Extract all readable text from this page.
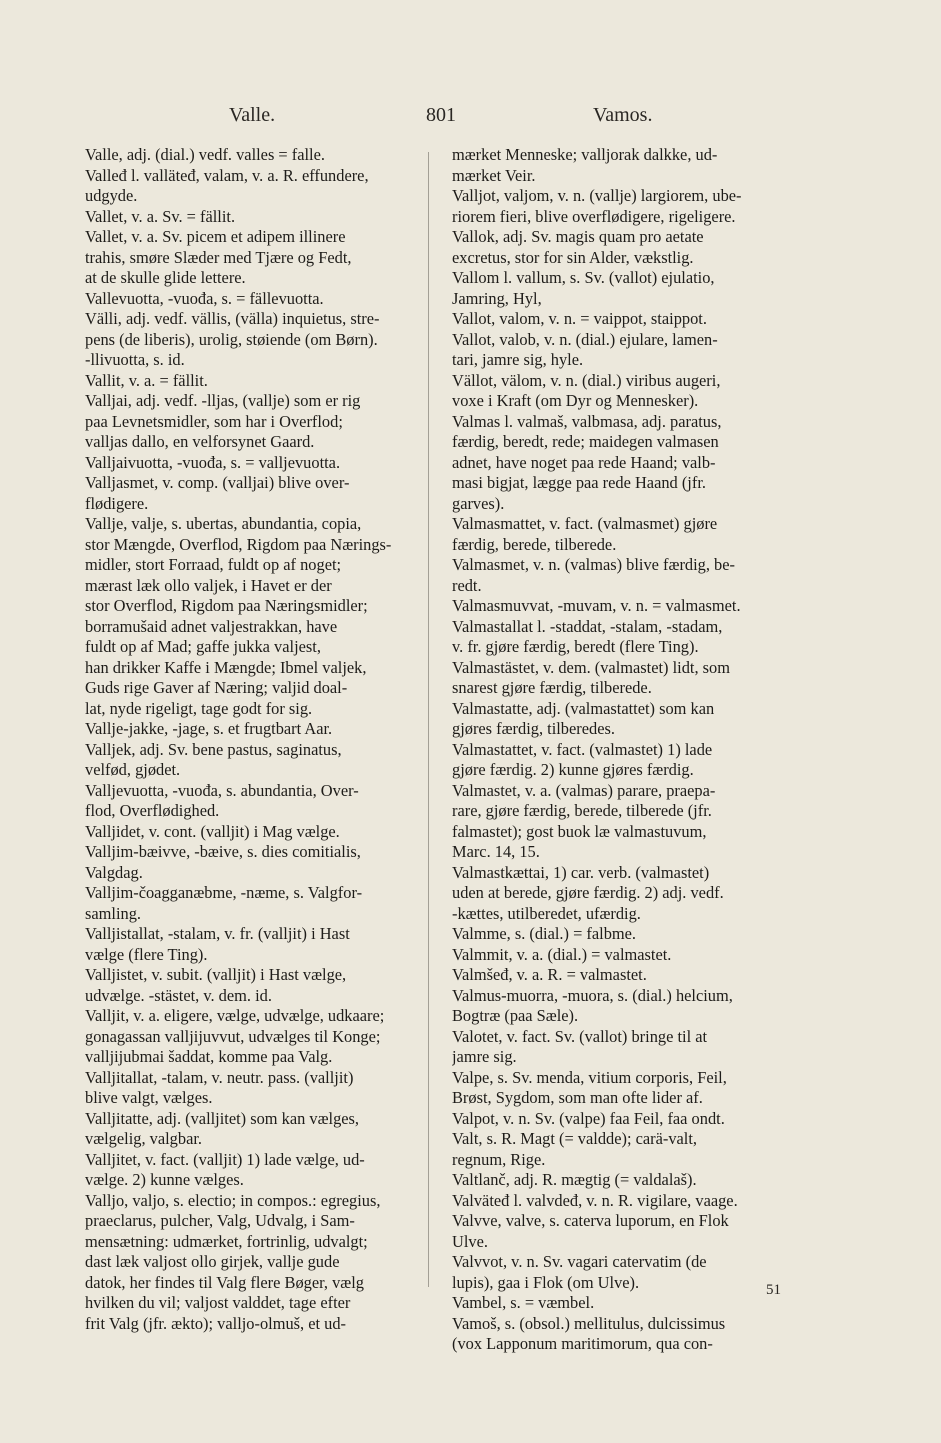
Valle.	801	Vamos.
Valle, adj. (dial.) vedf. valles = falle.
Valleđ l. valläteđ, valam, v. a. R. effundere,
udgyde.
Vallet, v. a. Sv. = fällit.
Vallet, v. a. Sv. picem et adipem illinere
trahis, smøre Slæder med Tjære og Fedt,
at de skulle glide lettere.
Vallevuotta, -vuođa, s. = fällevuotta.
Välli, adj. vedf. vällis, (välla) inquietus, stre-
pens (de liberis), urolig, støiende (om Børn).
-llivuotta, s. id.
Vallit, v. a. = fällit.
Valljai, adj. vedf. -lljas, (vallje) som er rig
paa Levnetsmidler, som har i Overflod;
valljas dallo, en velforsynet Gaard.
Valljaivuotta, -vuođa, s. = valljevuotta.
Valljasmet, v. comp. (valljai) blive over-
flødigere.
Vallje, valje, s. ubertas, abundantia, copia,
stor Mængde, Overflod, Rigdom paa Nærings-
midler, stort Forraad, fuldt op af noget;
mærast læk ollo valjek, i Havet er der
stor Overflod, Rigdom paa Næringsmidler;
borramušaid adnet valjestrakkan, have
fuldt op af Mad; gaffe jukka valjest,
han drikker Kaffe i Mængde; Ibmel valjek,
Guds rige Gaver af Næring; valjid doal-
lat, nyde rigeligt, tage godt for sig.
Vallje-jakke, -jage, s. et frugtbart Aar.
Valljek, adj. Sv. bene pastus, saginatus,
velfød, gjødet.
Valljevuotta, -vuođa, s. abundantia, Over-
flod, Overflødighed.
Valljidet, v. cont. (valljit) i Mag vælge.
Valljim-bæivve, -bæive, s. dies comitialis,
Valgdag.
Valljim-čoagganæbme, -næme, s. Valgfor-
samling.
Valljistallat, -stalam, v. fr. (valljit) i Hast
vælge (flere Ting).
Valljistet, v. subit. (valljit) i Hast vælge,
udvælge. -stästet, v. dem. id.
Valljit, v. a. eligere, vælge, udvælge, udkaare;
gonagassan valljijuvvut, udvælges til Konge;
valljijubmai šaddat, komme paa Valg.
Valljitallat, -talam, v. neutr. pass. (valljit)
blive valgt, vælges.
Valljitatte, adj. (valljitet) som kan vælges,
vælgelig, valgbar.
Valljitet, v. fact. (valljit) 1) lade vælge, ud-
vælge. 2) kunne vælges.
Valljo, valjo, s. electio; in compos.: egregius,
praeclarus, pulcher, Valg, Udvalg, i Sam-
mensætning: udmærket, fortrinlig, udvalgt;
dast læk valjost ollo girjek, vallje gude
datok, her findes til Valg flere Bøger, vælg
hvilken du vil; valjost valddet, tage efter
frit Valg (jfr. ækto); valljo-olmuš, et ud-
mærket Menneske; valljorak dalkke, ud-
mærket Veir.
Valljot, valjom, v. n. (vallje) largiorem, ube-
riorem fieri, blive overflødigere, rigeligere.
Vallok, adj. Sv. magis quam pro aetate
excretus, stor for sin Alder, vækstlig.
Vallom l. vallum, s. Sv. (vallot) ejulatio,
Jamring, Hyl,
Vallot, valom, v. n. = vaippot, staippot.
Vallot, valob, v. n. (dial.) ejulare, lamen-
tari, jamre sig, hyle.
Vällot, välom, v. n. (dial.) viribus augeri,
voxe i Kraft (om Dyr og Mennesker).
Valmas l. valmaš, valbmasa, adj. paratus,
færdig, beredt, rede; maidegen valmasen
adnet, have noget paa rede Haand; valb-
masi bigjat, lægge paa rede Haand (jfr.
garves).
Valmasmattet, v. fact. (valmasmet) gjøre
færdig, berede, tilberede.
Valmasmet, v. n. (valmas) blive færdig, be-
redt.
Valmasmuvvat, -muvam, v. n. = valmasmet.
Valmastallat l. -staddat, -stalam, -stadam,
v. fr. gjøre færdig, beredt (flere Ting).
Valmastästet, v. dem. (valmastet) lidt, som
snarest gjøre færdig, tilberede.
Valmastatte, adj. (valmastattet) som kan
gjøres færdig, tilberedes.
Valmastattet, v. fact. (valmastet) 1) lade
gjøre færdig. 2) kunne gjøres færdig.
Valmastet, v. a. (valmas) parare, praepa-
rare, gjøre færdig, berede, tilberede (jfr.
falmastet); gost buok læ valmastuvum,
Marc. 14, 15.
Valmastkættai, 1) car. verb. (valmastet)
uden at berede, gjøre færdig. 2) adj. vedf.
-kættes, utilberedet, ufærdig.
Valmme, s. (dial.) = falbme.
Valmmit, v. a. (dial.) = valmastet.
Valmšeđ, v. a. R. = valmastet.
Valmus-muorra, -muora, s. (dial.) helcium,
Bogtræ (paa Sæle).
Valotet, v. fact. Sv. (vallot) bringe til at
jamre sig.
Valpe, s. Sv. menda, vitium corporis, Feil,
Brøst, Sygdom, som man ofte lider af.
Valpot, v. n. Sv. (valpe) faa Feil, faa ondt.
Valt, s. R. Magt (= valdde); carä-valt,
regnum, Rige.
Valtlanč, adj. R. mægtig (= valdalaš).
Valväteđ l. valvdeđ, v. n. R. vigilare, vaage.
Valvve, valve, s. caterva luporum, en Flok
Ulve.
Valvvot, v. n. Sv. vagari catervatim (de
lupis), gaa i Flok (om Ulve).
Vambel, s. = væmbel.
Vamoš, s. (obsol.) mellitulus, dulcissimus
(vox Lapponum maritimorum, qua con-
51
